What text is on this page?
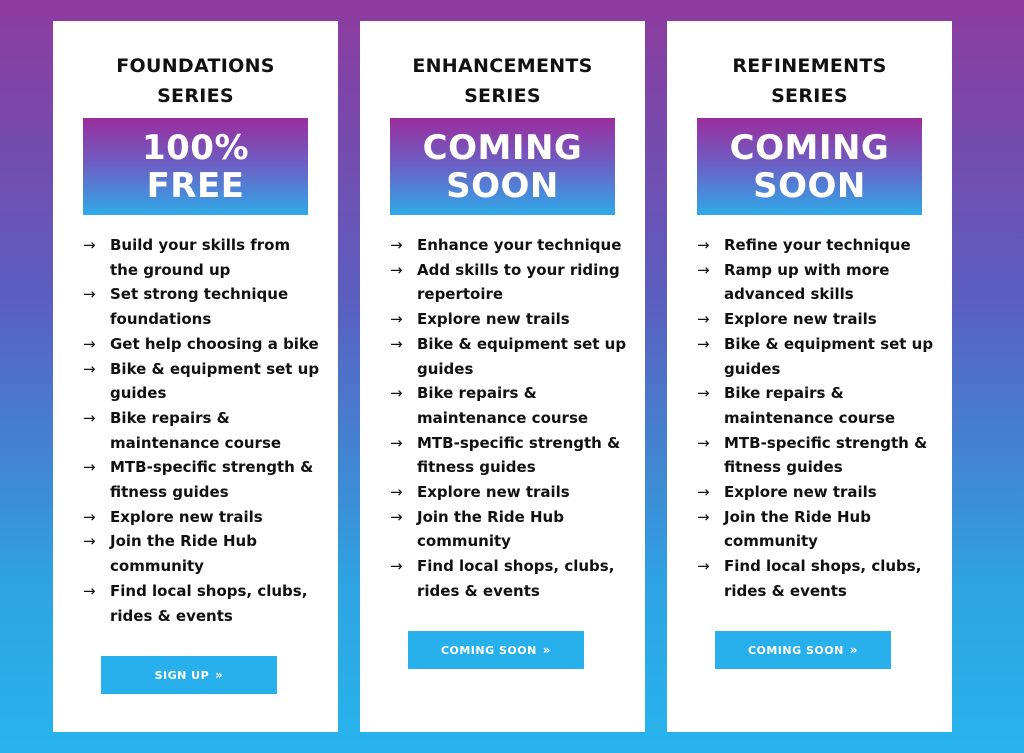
FOUNDATIONS
SERIES
100%
FREE
→ Build your skills from the ground up
→ Set strong technique foundations
→ Get help choosing a bike
→ Bike & equipment set up guides
→ Bike repairs & maintenance course
→ MTB-specific strength & fitness guides
→ Explore new trails
→ Join the Ride Hub community
→ Find local shops, clubs, rides & events
SIGN UP »
ENHANCEMENTS
SERIES
COMING
SOON
→ Enhance your technique
→ Add skills to your riding repertoire
→ Explore new trails
→ Bike & equipment set up guides
→ Bike repairs & maintenance course
→ MTB-specific strength & fitness guides
→ Explore new trails
→ Join the Ride Hub community
→ Find local shops, clubs, rides & events
COMING SOON »
REFINEMENTS
SERIES
COMING
SOON
→ Refine your technique
→ Ramp up with more advanced skills
→ Explore new trails
→ Bike & equipment set up guides
→ Bike repairs & maintenance course
→ MTB-specific strength & fitness guides
→ Explore new trails
→ Join the Ride Hub community
→ Find local shops, clubs, rides & events
COMING SOON »
